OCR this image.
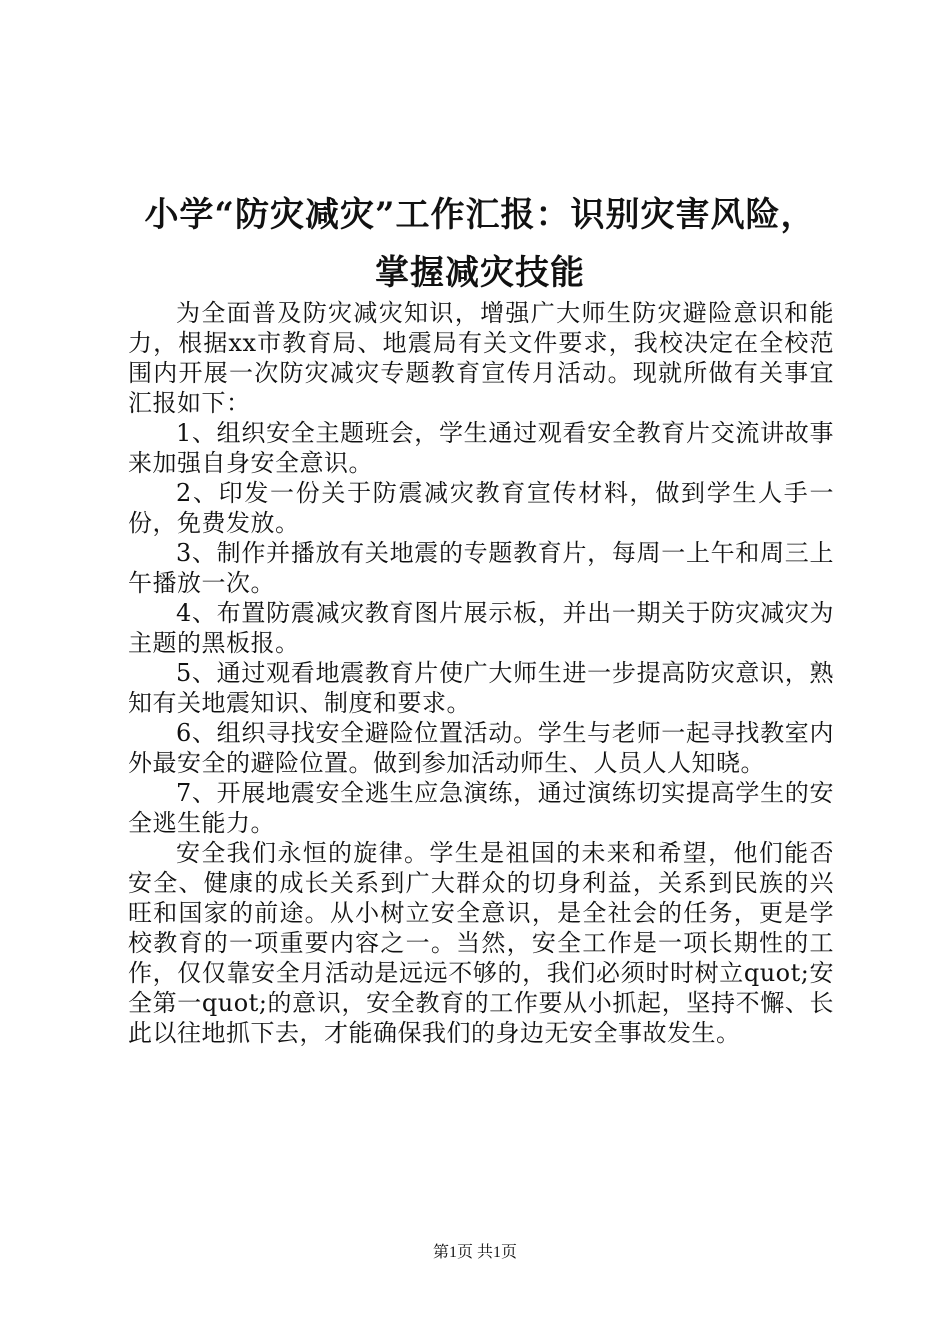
小学“防灾减灾”工作汇报：识别灾害风险，
掌握减灾技能

为全面普及防灾减灾知识，增强广大师生防灾避险意识和能力，根据xx市教育局、地震局有关文件要求，我校决定在全校范围内开展一次防灾减灾专题教育宣传月活动。现就所做有关事宜汇报如下：

1、组织安全主题班会，学生通过观看安全教育片交流讲故事来加强自身安全意识。

2、印发一份关于防震减灾教育宣传材料，做到学生人手一份，免费发放。

3、制作并播放有关地震的专题教育片，每周一上午和周三上午播放一次。

4、布置防震减灾教育图片展示板，并出一期关于防灾减灾为主题的黑板报。

5、通过观看地震教育片使广大师生进一步提高防灾意识，熟知有关地震知识、制度和要求。

6、组织寻找安全避险位置活动。学生与老师一起寻找教室内外最安全的避险位置。做到参加活动师生、人员人人知晓。

7、开展地震安全逃生应急演练，通过演练切实提高学生的安全逃生能力。

安全我们永恒的旋律。学生是祖国的未来和希望，他们能否安全、健康的成长关系到广大群众的切身利益，关系到民族的兴旺和国家的前途。从小树立安全意识，是全社会的任务，更是学校教育的一项重要内容之一。当然，安全工作是一项长期性的工作，仅仅靠安全月活动是远远不够的，我们必须时时树立quot;安全第一quot;的意识，安全教育的工作要从小抓起，坚持不懈、长此以往地抓下去，才能确保我们的身边无安全事故发生。

第1页 共1页
